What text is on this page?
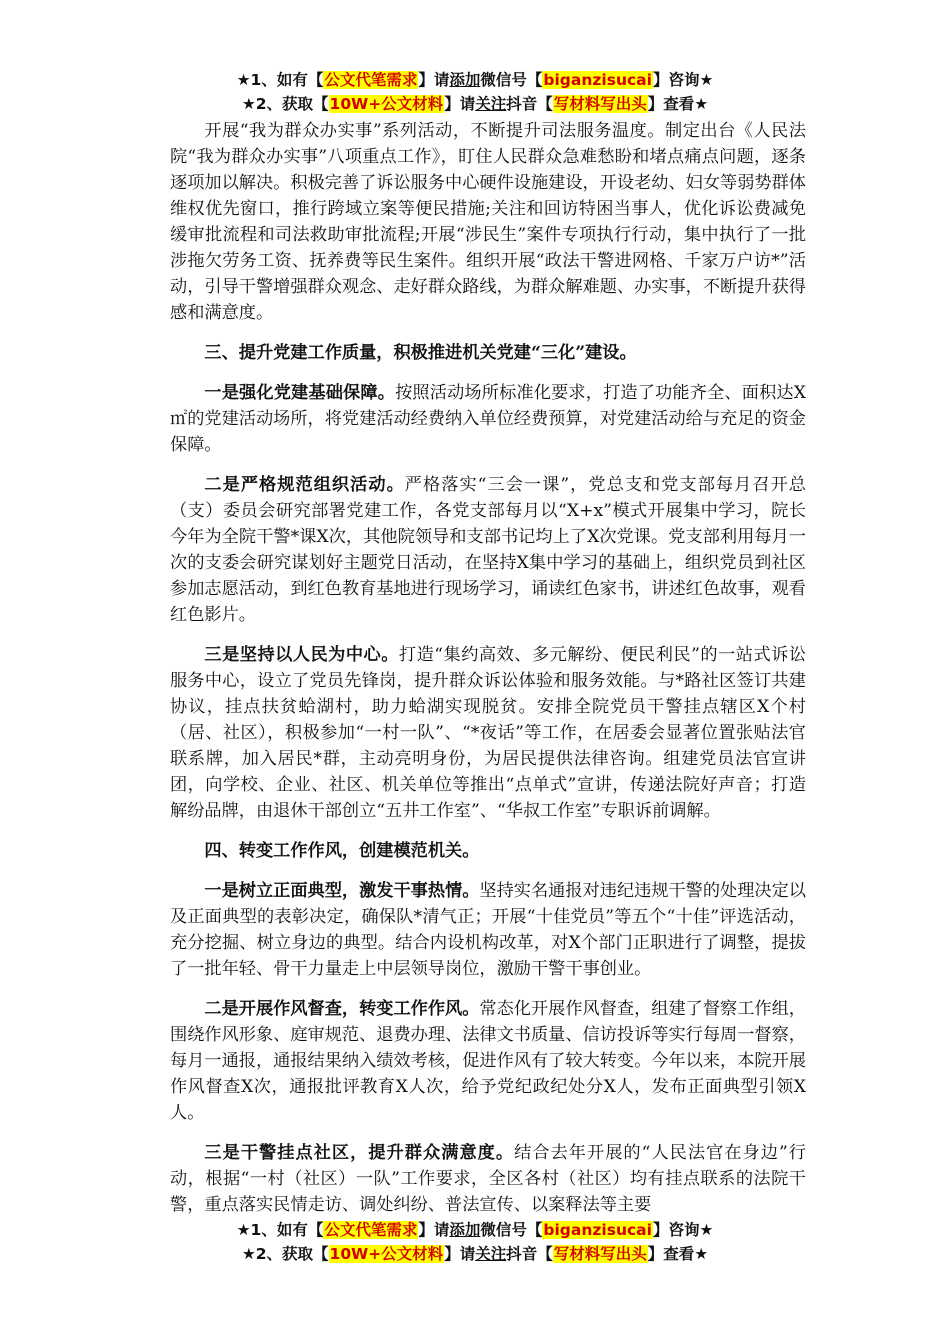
★1、如有【公文代笔需求】请添加微信号【biganzisucai】咨询★
★2、获取【10W+公文材料】请关注抖音【写材料写出头】查看★

开展“我为群众办实事”系列活动，不断提升司法服务温度。制定出台《人民法院“我为群众办实事”八项重点工作》，盯住人民群众急难愁盼和堵点痛点问题，逐条逐项加以解决。积极完善了诉讼服务中心硬件设施建设，开设老幼、妇女等弱势群体维权优先窗口，推行跨域立案等便民措施;关注和回访特困当事人，优化诉讼费减免缓审批流程和司法救助审批流程;开展“涉民生”案件专项执行行动，集中执行了一批涉拖欠劳务工资、抚养费等民生案件。组织开展“政法干警进网格、千家万户访*”活动，引导干警增强群众观念、走好群众路线，为群众解难题、办实事，不断提升获得感和满意度。

三、提升党建工作质量，积极推进机关党建“三化”建设。

一是强化党建基础保障。按照活动场所标准化要求，打造了功能齐全、面积达X㎡的党建活动场所，将党建活动经费纳入单位经费预算，对党建活动给与充足的资金保障。

二是严格规范组织活动。严格落实“三会一课”，党总支和党支部每月召开总（支）委员会研究部署党建工作，各党支部每月以“X+x”模式开展集中学习，院长今年为全院干警*课X次，其他院领导和支部书记均上了X次党课。党支部利用每月一次的支委会研究谋划好主题党日活动，在坚持X集中学习的基础上，组织党员到社区参加志愿活动，到红色教育基地进行现场学习，诵读红色家书，讲述红色故事，观看红色影片。

三是坚持以人民为中心。打造“集约高效、多元解纷、便民利民”的一站式诉讼服务中心，设立了党员先锋岗，提升群众诉讼体验和服务效能。与*路社区签订共建协议，挂点扶贫蛤湖村，助力蛤湖实现脱贫。安排全院党员干警挂点辖区X个村（居、社区），积极参加“一村一队”、“*夜话”等工作，在居委会显著位置张贴法官联系牌，加入居民*群，主动亮明身份，为居民提供法律咨询。组建党员法官宣讲团，向学校、企业、社区、机关单位等推出“点单式”宣讲，传递法院好声音；打造解纷品牌，由退休干部创立“五井工作室”、“华叔工作室”专职诉前调解。

四、转变工作作风，创建模范机关。

一是树立正面典型，激发干事热情。坚持实名通报对违纪违规干警的处理决定以及正面典型的表彰决定，确保队*清气正；开展“十佳党员”等五个“十佳”评选活动，充分挖掘、树立身边的典型。结合内设机构改革，对X个部门正职进行了调整，提拔了一批年轻、骨干力量走上中层领导岗位，激励干警干事创业。

二是开展作风督查，转变工作作风。常态化开展作风督查，组建了督察工作组，围绕作风形象、庭审规范、退费办理、法律文书质量、信访投诉等实行每周一督察，每月一通报，通报结果纳入绩效考核，促进作风有了较大转变。今年以来，本院开展作风督查X次，通报批评教育X人次，给予党纪政纪处分X人，发布正面典型引领X人。

三是干警挂点社区，提升群众满意度。结合去年开展的“人民法官在身边”行动，根据“一村（社区）一队”工作要求，全区各村（社区）均有挂点联系的法院干警，重点落实民情走访、调处纠纷、普法宣传、以案释法等主要

★1、如有【公文代笔需求】请添加微信号【biganzisucai】咨询★
★2、获取【10W+公文材料】请关注抖音【写材料写出头】查看★
